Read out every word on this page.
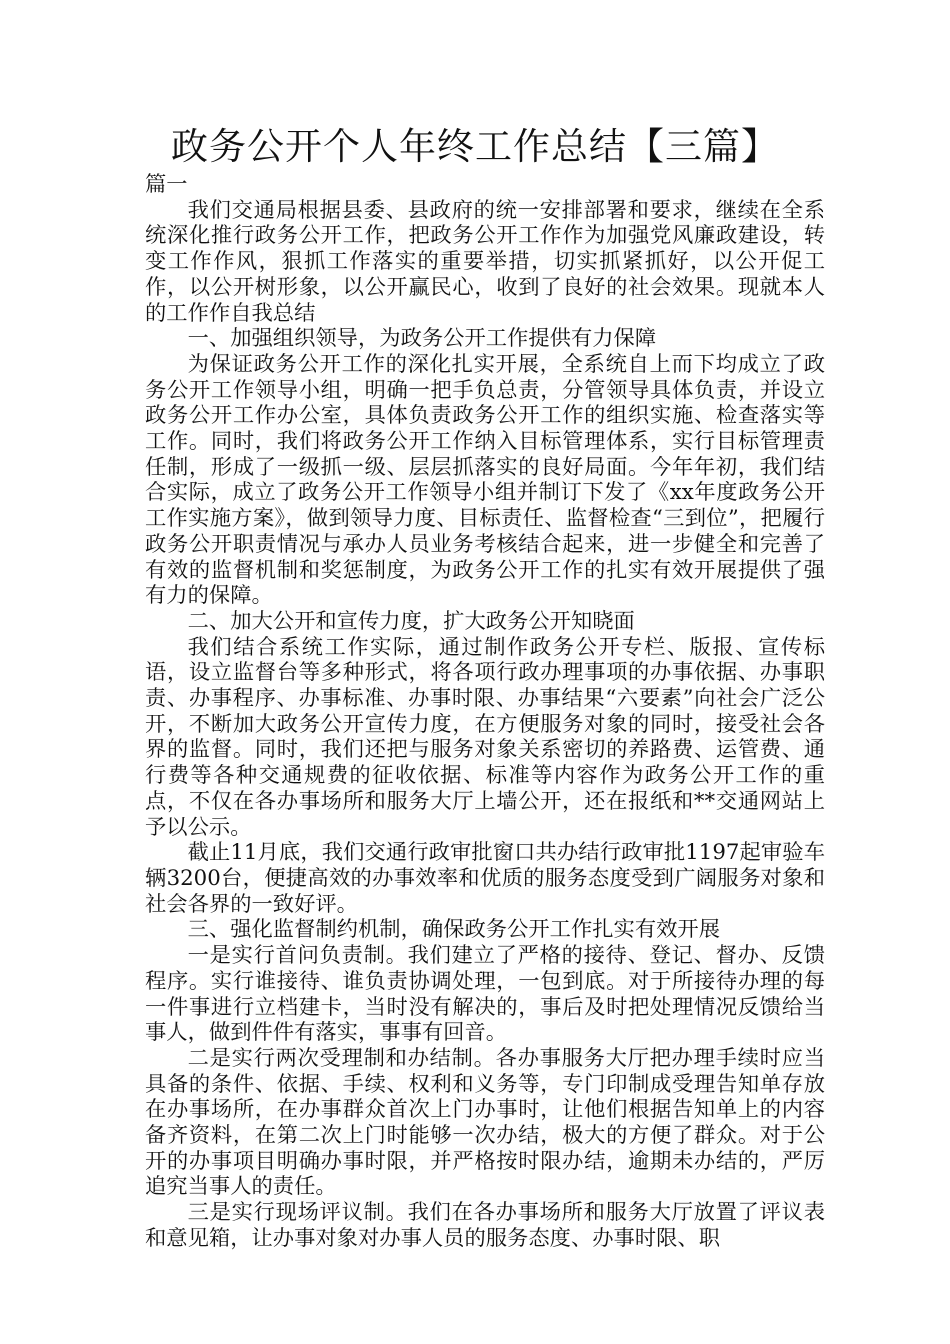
政务公开个人年终工作总结【三篇】

篇一

我们交通局根据县委、县政府的统一安排部署和要求，继续在全系统深化推行政务公开工作，把政务公开工作作为加强党风廉政建设，转变工作作风，狠抓工作落实的重要举措，切实抓紧抓好，以公开促工作，以公开树形象，以公开赢民心，收到了良好的社会效果。现就本人的工作作自我总结

一、加强组织领导，为政务公开工作提供有力保障

为保证政务公开工作的深化扎实开展，全系统自上而下均成立了政务公开工作领导小组，明确一把手负总责，分管领导具体负责，并设立政务公开工作办公室，具体负责政务公开工作的组织实施、检查落实等工作。同时，我们将政务公开工作纳入目标管理体系，实行目标管理责任制，形成了一级抓一级、层层抓落实的良好局面。今年年初，我们结合实际，成立了政务公开工作领导小组并制订下发了《xx年度政务公开工作实施方案》，做到领导力度、目标责任、监督检查“三到位”，把履行政务公开职责情况与承办人员业务考核结合起来，进一步健全和完善了有效的监督机制和奖惩制度，为政务公开工作的扎实有效开展提供了强有力的保障。

二、加大公开和宣传力度，扩大政务公开知晓面

我们结合系统工作实际，通过制作政务公开专栏、版报、宣传标语，设立监督台等多种形式，将各项行政办理事项的办事依据、办事职责、办事程序、办事标准、办事时限、办事结果“六要素”向社会广泛公开，不断加大政务公开宣传力度，在方便服务对象的同时，接受社会各界的监督。同时，我们还把与服务对象关系密切的养路费、运管费、通行费等各种交通规费的征收依据、标准等内容作为政务公开工作的重点，不仅在各办事场所和服务大厅上墙公开，还在报纸和**交通网站上予以公示。

截止11月底，我们交通行政审批窗口共办结行政审批1197起审验车辆3200台，便捷高效的办事效率和优质的服务态度受到广阔服务对象和社会各界的一致好评。

三、强化监督制约机制，确保政务公开工作扎实有效开展

一是实行首问负责制。我们建立了严格的接待、登记、督办、反馈程序。实行谁接待、谁负责协调处理，一包到底。对于所接待办理的每一件事进行立档建卡，当时没有解决的，事后及时把处理情况反馈给当事人，做到件件有落实，事事有回音。

二是实行两次受理制和办结制。各办事服务大厅把办理手续时应当具备的条件、依据、手续、权利和义务等，专门印制成受理告知单存放在办事场所，在办事群众首次上门办事时，让他们根据告知单上的内容备齐资料，在第二次上门时能够一次办结，极大的方便了群众。对于公开的办事项目明确办事时限，并严格按时限办结，逾期未办结的，严厉追究当事人的责任。

三是实行现场评议制。我们在各办事场所和服务大厅放置了评议表和意见箱，让办事对象对办事人员的服务态度、办事时限、职
